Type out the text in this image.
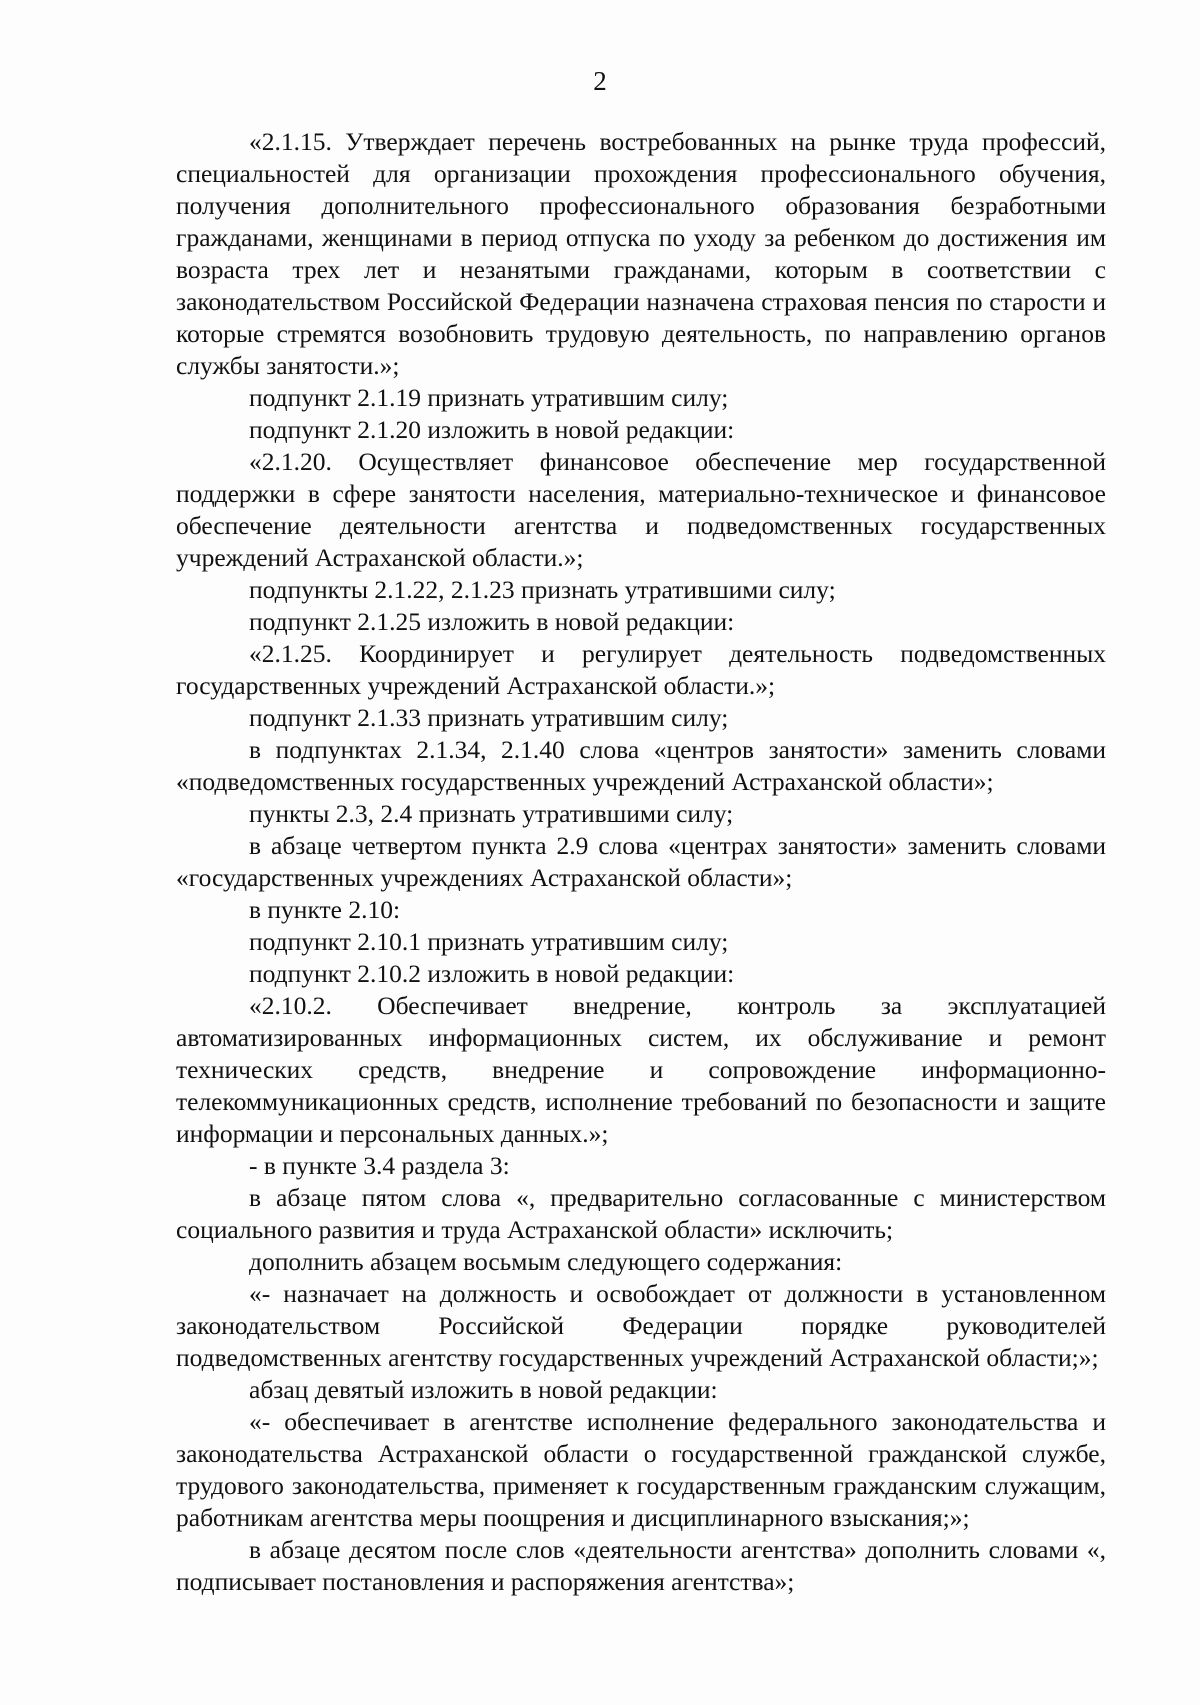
2

«2.1.15. Утверждает перечень востребованных на рынке труда профессий, специальностей для организации прохождения профессионального обучения, получения дополнительного профессионального образования безработными гражданами, женщинами в период отпуска по уходу за ребенком до достижения им возраста трех лет и незанятыми гражданами, которым в соответствии с законодательством Российской Федерации назначена страховая пенсия по старости и которые стремятся возобновить трудовую деятельность, по направлению органов службы занятости.»;

подпункт 2.1.19 признать утратившим силу;

подпункт 2.1.20 изложить в новой редакции:

«2.1.20. Осуществляет финансовое обеспечение мер государственной поддержки в сфере занятости населения, материально-техническое и финансовое обеспечение деятельности агентства и подведомственных государственных учреждений Астраханской области.»;

подпункты 2.1.22, 2.1.23 признать утратившими силу;

подпункт 2.1.25 изложить в новой редакции:

«2.1.25. Координирует и регулирует деятельность подведомственных государственных учреждений Астраханской области.»;

подпункт 2.1.33 признать утратившим силу;

в подпунктах 2.1.34, 2.1.40 слова «центров занятости» заменить словами «подведомственных государственных учреждений Астраханской области»;

пункты 2.3, 2.4 признать утратившими силу;

в абзаце четвертом пункта 2.9 слова «центрах занятости» заменить словами «государственных учреждениях Астраханской области»;

в пункте 2.10:

подпункт 2.10.1 признать утратившим силу;

подпункт 2.10.2 изложить в новой редакции:

«2.10.2. Обеспечивает внедрение, контроль за эксплуатацией автоматизированных информационных систем, их обслуживание и ремонт технических средств, внедрение и сопровождение информационно-телекоммуникационных средств, исполнение требований по безопасности и защите информации и персональных данных.»;

- в пункте 3.4 раздела 3:

в абзаце пятом слова «, предварительно согласованные с министерством социального развития и труда Астраханской области» исключить;

дополнить абзацем восьмым следующего содержания:

«- назначает на должность и освобождает от должности в установленном законодательством Российской Федерации порядке руководителей подведомственных агентству государственных учреждений Астраханской области;»;

абзац девятый изложить в новой редакции:

«- обеспечивает в агентстве исполнение федерального законодательства и законодательства Астраханской области о государственной гражданской службе, трудового законодательства, применяет к государственным гражданским служащим, работникам агентства меры поощрения и дисциплинарного взыскания;»;

в абзаце десятом после слов «деятельности агентства» дополнить словами «, подписывает постановления и распоряжения агентства»;
